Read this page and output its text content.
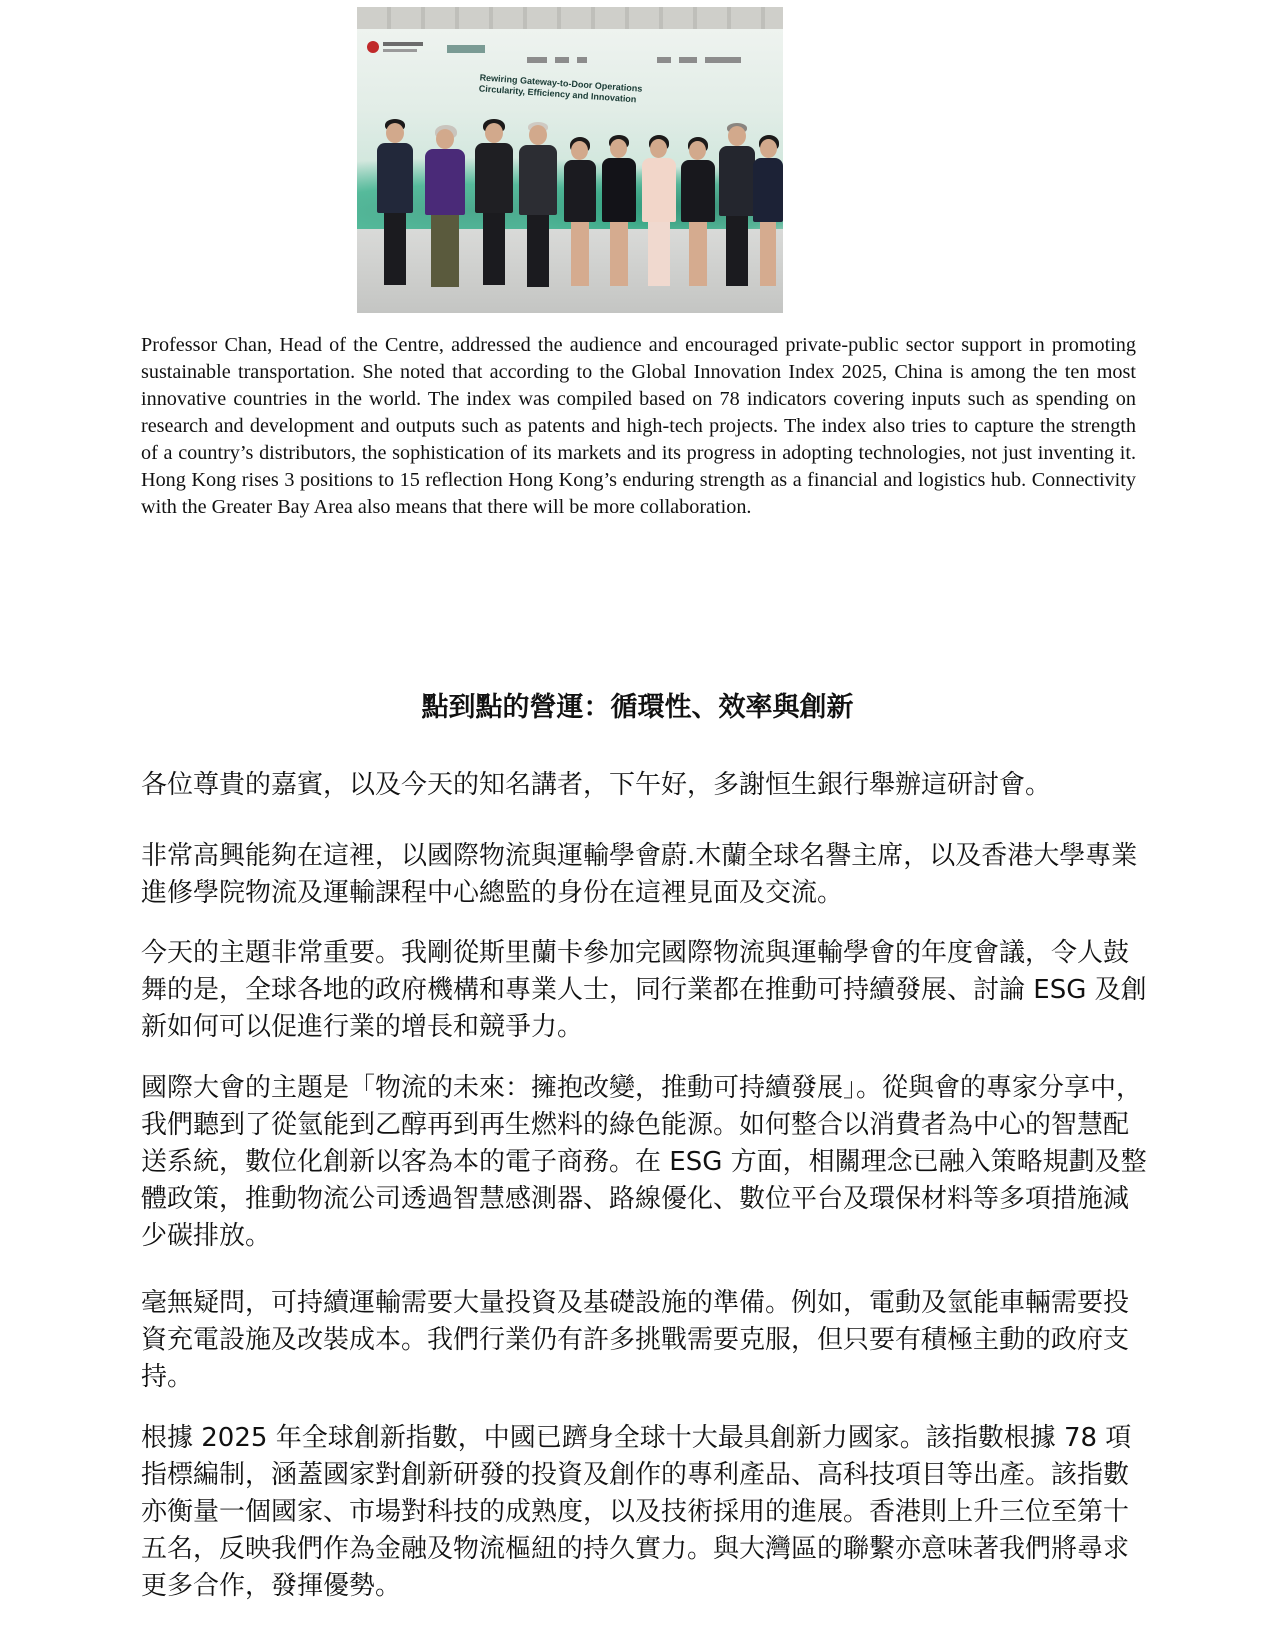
Rewiring Gateway-to-Door Operations Circularity, Efficiency and Innovation

Professor Chan, Head of the Centre, addressed the audience and encouraged private-public sector support in promoting sustainable transportation. She noted that according to the Global Innovation Index 2025, China is among the ten most innovative countries in the world. The index was compiled based on 78 indicators covering inputs such as spending on research and development and outputs such as patents and high-tech projects. The index also tries to capture the strength of a country’s distributors, the sophistication of its markets and its progress in adopting technologies, not just inventing it. Hong Kong rises 3 positions to 15 reflection Hong Kong’s enduring strength as a financial and logistics hub. Connectivity with the Greater Bay Area also means that there will be more collaboration.

點到點的營運：循環性、效率與創新

各位尊貴的嘉賓，以及今天的知名講者，下午好，多謝恒生銀行舉辦這研討會。

非常高興能夠在這裡，以國際物流與運輸學會蔚.木蘭全球名譽主席，以及香港大學專業進修學院物流及運輸課程中心總監的身份在這裡見面及交流。

今天的主題非常重要。我剛從斯里蘭卡參加完國際物流與運輸學會的年度會議，令人鼓舞的是，全球各地的政府機構和專業人士，同行業都在推動可持續發展、討論 ESG 及創新如何可以促進行業的增長和競爭力。

國際大會的主題是「物流的未來：擁抱改變，推動可持續發展」。從與會的專家分享中，我們聽到了從氫能到乙醇再到再生燃料的綠色能源。如何整合以消費者為中心的智慧配送系統，數位化創新以客為本的電子商務。在 ESG 方面，相關理念已融入策略規劃及整體政策，推動物流公司透過智慧感測器、路線優化、數位平台及環保材料等多項措施減少碳排放。

毫無疑問，可持續運輸需要大量投資及基礎設施的準備。例如，電動及氫能車輛需要投資充電設施及改裝成本。我們行業仍有許多挑戰需要克服，但只要有積極主動的政府支持。

根據 2025 年全球創新指數，中國已躋身全球十大最具創新力國家。該指數根據 78 項指標編制，涵蓋國家對創新研發的投資及創作的專利產品、高科技項目等出產。該指數亦衡量一個國家、市場對科技的成熟度，以及技術採用的進展。香港則上升三位至第十五名，反映我們作為金融及物流樞紐的持久實力。與大灣區的聯繫亦意味著我們將尋求更多合作，發揮優勢。
